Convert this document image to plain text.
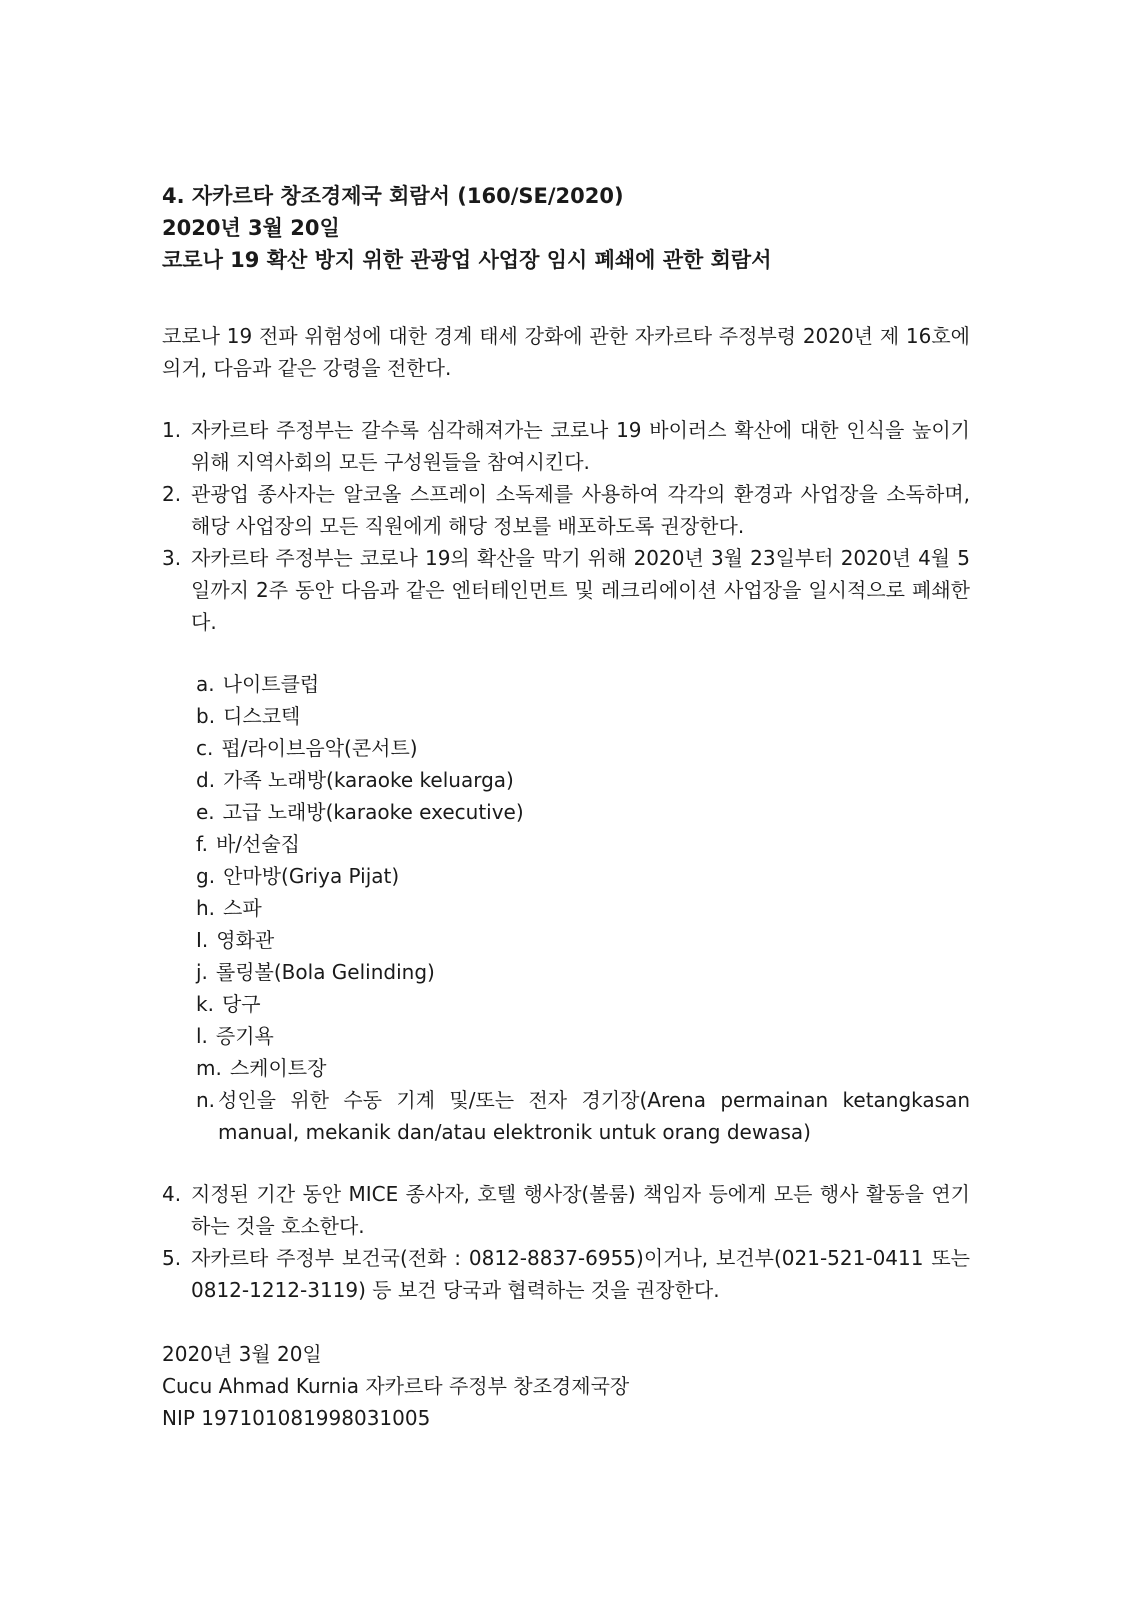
4. 자카르타 창조경제국 회람서 (160/SE/2020)

2020년 3월 20일

코로나 19 확산 방지 위한 관광업 사업장 임시 폐쇄에 관한 회람서

코로나 19 전파 위험성에 대한 경계 태세 강화에 관한 자카르타 주정부령 2020년 제 16호에 의거, 다음과 같은 강령을 전한다.
1. 자카르타 주정부는 갈수록 심각해져가는 코로나 19 바이러스 확산에 대한 인식을 높이기 위해 지역사회의 모든 구성원들을 참여시킨다.
2. 관광업 종사자는 알코올 스프레이 소독제를 사용하여 각각의 환경과 사업장을 소독하며, 해당 사업장의 모든 직원에게 해당 정보를 배포하도록 권장한다.
3. 자카르타 주정부는 코로나 19의 확산을 막기 위해 2020년 3월 23일부터 2020년 4월 5일까지 2주 동안 다음과 같은 엔터테인먼트 및 레크리에이션 사업장을 일시적으로 폐쇄한다.
a. 나이트클럽
b. 디스코텍
c. 펍/라이브음악(콘서트)
d. 가족 노래방(karaoke keluarga)
e. 고급 노래방(karaoke executive)
f. 바/선술집
g. 안마방(Griya Pijat)
h. 스파
I. 영화관
j. 롤링볼(Bola Gelinding)
k. 당구
l. 증기욕
m. 스케이트장
n. 성인을 위한 수동 기계 및/또는 전자 경기장(Arena permainan ketangkasan manual, mekanik dan/atau elektronik untuk orang dewasa)
4. 지정된 기간 동안 MICE 종사자, 호텔 행사장(볼룸) 책임자 등에게 모든 행사 활동을 연기하는 것을 호소한다.
5. 자카르타 주정부 보건국(전화 : 0812-8837-6955)이거나, 보건부(021-521-0411 또는 0812-1212-3119) 등 보건 당국과 협력하는 것을 권장한다.
2020년 3월 20일
Cucu Ahmad Kurnia 자카르타 주정부 창조경제국장
NIP 197101081998031005
